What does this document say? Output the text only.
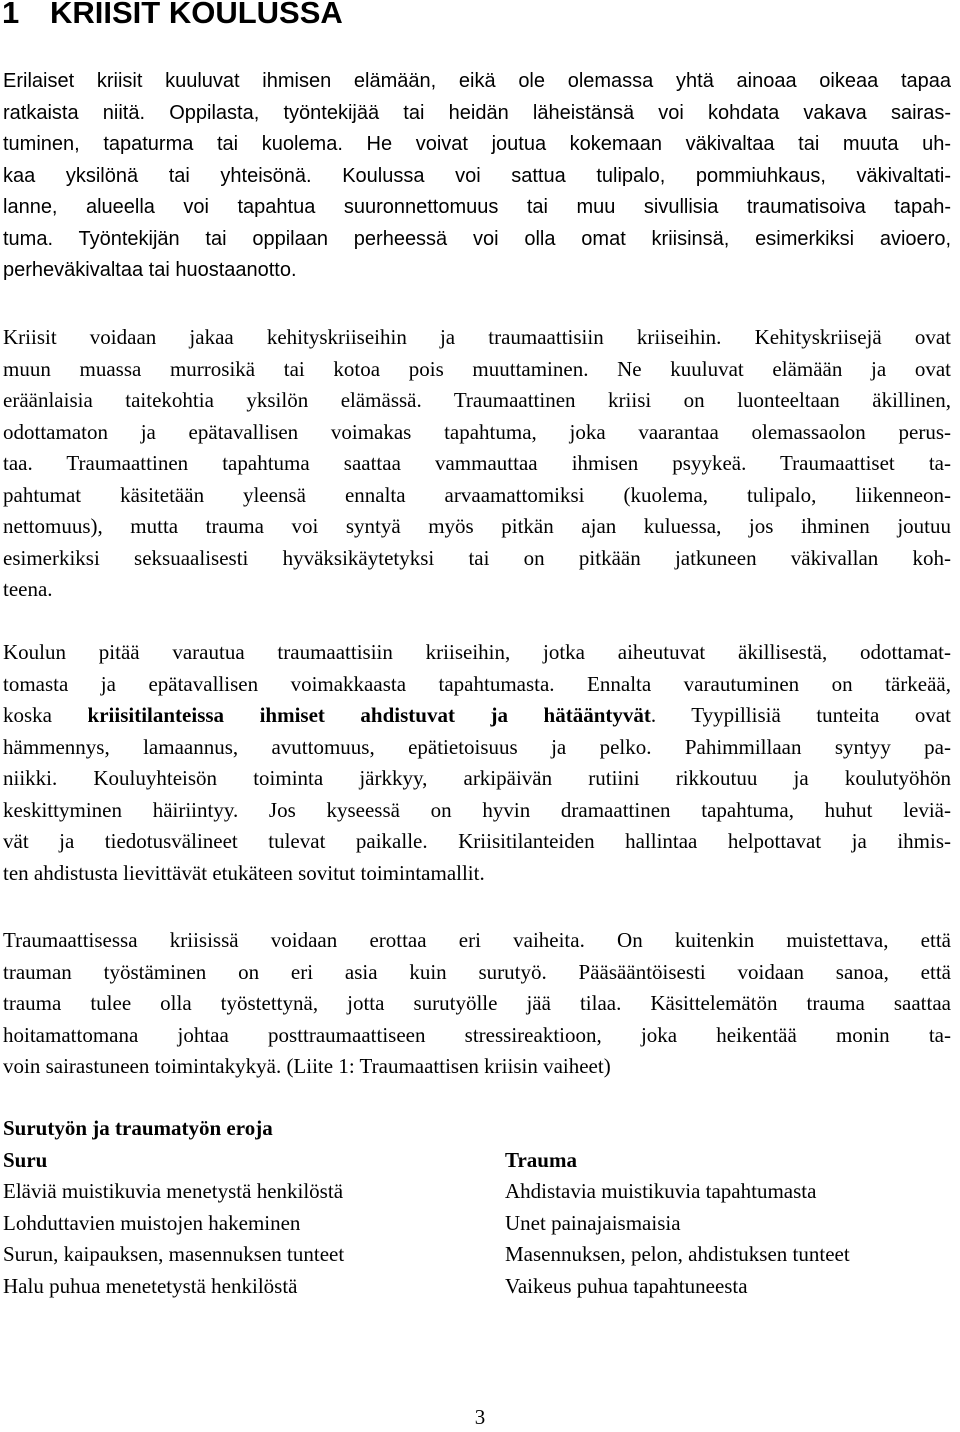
1 KRIISIT KOULUSSA
Erilaiset kriisit kuuluvat ihmisen elämään, eikä ole olemassa yhtä ainoaa oikeaa tapaa
ratkaista niitä. Oppilasta, työntekijää tai heidän läheistänsä voi kohdata vakava sairas-
tuminen, tapaturma tai kuolema. He voivat joutua kokemaan väkivaltaa tai muuta uh-
kaa yksilönä tai yhteisönä. Koulussa voi sattua tulipalo, pommiuhkaus, väkivaltati-
lanne, alueella voi tapahtua suuronnettomuus tai muu sivullisia traumatisoiva tapah-
tuma. Työntekijän tai oppilaan perheessä voi olla omat kriisinsä, esimerkiksi avioero,
perheväkivaltaa tai huostaanotto.
Kriisit voidaan jakaa kehityskriiseihin ja traumaattisiin kriiseihin. Kehityskriisejä ovat
muun muassa murrosikä tai kotoa pois muuttaminen. Ne kuuluvat elämään ja ovat
eräänlaisia taitekohtia yksilön elämässä. Traumaattinen kriisi on luonteeltaan äkillinen,
odottamaton ja epätavallisen voimakas tapahtuma, joka vaarantaa olemassaolon perus-
taa. Traumaattinen tapahtuma saattaa vammauttaa ihmisen psyykeä. Traumaattiset ta-
pahtumat käsitetään yleensä ennalta arvaamattomiksi (kuolema, tulipalo, liikenneon-
nettomuus), mutta trauma voi syntyä myös pitkän ajan kuluessa, jos ihminen joutuu
esimerkiksi seksuaalisesti hyväksikäytetyksi tai on pitkään jatkuneen väkivallan koh-
teena.
Koulun pitää varautua traumaattisiin kriiseihin, jotka aiheutuvat äkillisestä, odottamat-
tomasta ja epätavallisen voimakkaasta tapahtumasta. Ennalta varautuminen on tärkeää,
koska kriisitilanteissa ihmiset ahdistuvat ja hätääntyvät. Tyypillisiä tunteita ovat
hämmennys, lamaannus, avuttomuus, epätietoisuus ja pelko. Pahimmillaan syntyy pa-
niikki. Kouluyhteisön toiminta järkkyy, arkipäivän rutiini rikkoutuu ja koulutyöhön
keskittyminen häiriintyy. Jos kyseessä on hyvin dramaattinen tapahtuma, huhut leviä-
vät ja tiedotusvälineet tulevat paikalle. Kriisitilanteiden hallintaa helpottavat ja ihmis-
ten ahdistusta lievittävät etukäteen sovitut toimintamallit.
Traumaattisessa kriisissä voidaan erottaa eri vaiheita. On kuitenkin muistettava, että
trauman työstäminen on eri asia kuin surutyö. Pääsääntöisesti voidaan sanoa, että
trauma tulee olla työstettynä, jotta surutyölle jää tilaa. Käsittelemätön trauma saattaa
hoitamattomana johtaa posttraumaattiseen stressireaktioon, joka heikentää monin ta-
voin sairastuneen toimintakykyä. (Liite 1: Traumaattisen kriisin vaiheet)
Surutyön ja traumatyön eroja
Suru	Trauma
Eläviä muistikuvia menetystä henkilöstä	Ahdistavia muistikuvia tapahtumasta
Lohduttavien muistojen hakeminen	Unet painajaismaisia
Surun, kaipauksen, masennuksen tunteet	Masennuksen, pelon, ahdistuksen tunteet
Halu puhua menetetystä henkilöstä	Vaikeus puhua tapahtuneesta
3
